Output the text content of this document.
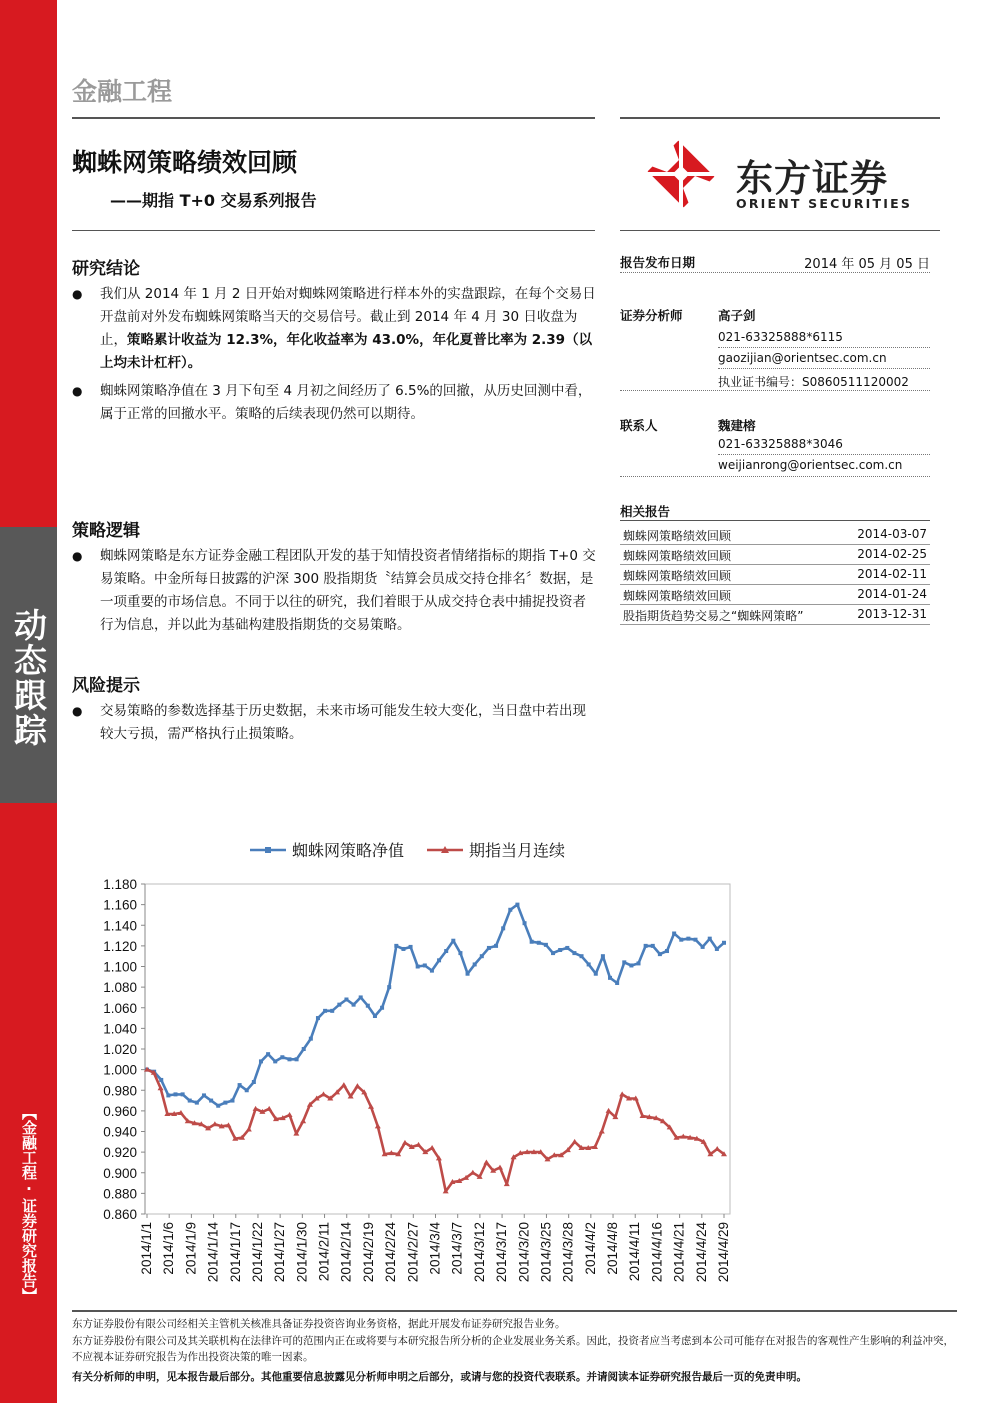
动态跟踪
【金融工程·证券研究报告】
金融工程
蜘蛛网策略绩效回顾
——期指 T+0 交易系列报告
东方证券
ORIENT SECURITIES
研究结论
● 我们从 2014 年 1 月 2 日开始对蜘蛛网策略进行样本外的实盘跟踪，在每个交易日开盘前对外发布蜘蛛网策略当天的交易信号。截止到 2014 年 4 月 30 日收盘为止，策略累计收益为 12.3%，年化收益率为 43.0%，年化夏普比率为 2.39（以上均未计杠杆）。
● 蜘蛛网策略净值在 3 月下旬至 4 月初之间经历了 6.5%的回撤，从历史回测中看，属于正常的回撤水平。策略的后续表现仍然可以期待。
策略逻辑
● 蜘蛛网策略是东方证券金融工程团队开发的基于知情投资者情绪指标的期指 T+0 交易策略。中金所每日披露的沪深 300 股指期货〝结算会员成交持仓排名〞数据，是一项重要的市场信息。不同于以往的研究，我们着眼于从成交持仓表中捕捉投资者行为信息，并以此为基础构建股指期货的交易策略。
风险提示
● 交易策略的参数选择基于历史数据，未来市场可能发生较大变化，当日盘中若出现较大亏损，需严格执行止损策略。
报告发布日期	2014 年 05 月 05 日
证券分析师	高子剑
021-63325888*6115
gaozijian@orientsec.com.cn
执业证书编号：S0860511120002
联系人	魏建榕
021-63325888*3046
weijianrong@orientsec.com.cn
相关报告
蜘蛛网策略绩效回顾	2014-03-07
蜘蛛网策略绩效回顾	2014-02-25
蜘蛛网策略绩效回顾	2014-02-11
蜘蛛网策略绩效回顾	2014-01-24
股指期货趋势交易之“蜘蛛网策略”	2013-12-31
0.860
0.880
0.900
0.920
0.940
0.960
0.980
1.000
1.020
1.040
1.060
1.080
1.100
1.120
1.140
1.160
1.180
2014/1/1 2014/1/6 2014/1/9 2014/1/14 2014/1/17 2014/1/22 2014/1/27 2014/1/30 2014/2/11 2014/2/14 2014/2/19 2014/2/24 2014/2/27 2014/3/4 2014/3/7 2014/3/12 2014/3/17 2014/3/20 2014/3/25 2014/3/28 2014/4/2 2014/4/8 2014/4/11 2014/4/16 2014/4/21 2014/4/24 2014/4/29
蜘蛛网策略净值	期指当月连续
东方证券股份有限公司经相关主管机关核准具备证券投资咨询业务资格，据此开展发布证券研究报告业务。
东方证券股份有限公司及其关联机构在法律许可的范围内正在或将要与本研究报告所分析的企业发展业务关系。因此，投资者应当考虑到本公司可能存在对报告的客观性产生影响的利益冲突，不应视本证券研究报告为作出投资决策的唯一因素。
有关分析师的申明，见本报告最后部分。其他重要信息披露见分析师申明之后部分，或请与您的投资代表联系。并请阅读本证券研究报告最后一页的免责申明。
